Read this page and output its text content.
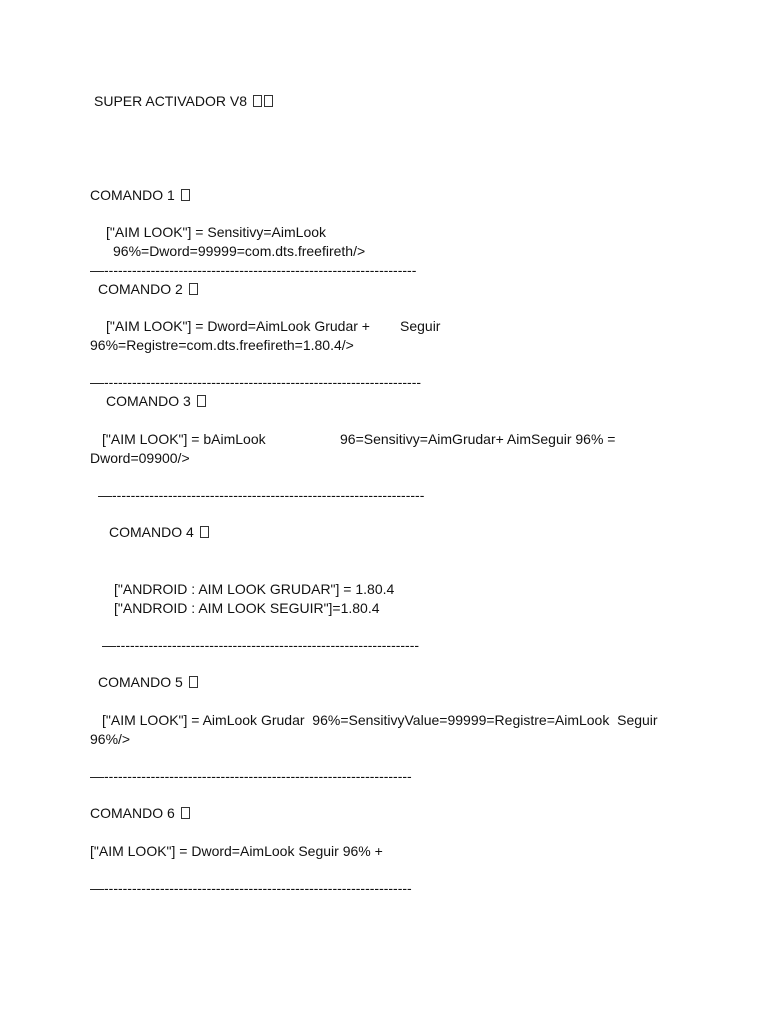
SUPER ACTIVADOR V8
COMANDO 1
["AIM LOOK"] = Sensitivy=AimLook
96%=Dword=99999=com.dts.freefireth/>
—-------------------------------------------------------------------
COMANDO 2
["AIM LOOK"] = Dword=AimLook Grudar + Seguir
96%=Registre=com.dts.freefireth=1.80.4/>
—--------------------------------------------------------------------
COMANDO 3
["AIM LOOK"] = bAimLook	96=Sensitivy=AimGrudar+ AimSeguir 96% =
Dword=09900/>
—-------------------------------------------------------------------
COMANDO 4
["ANDROID : AIM LOOK GRUDAR"] = 1.80.4
["ANDROID : AIM LOOK SEGUIR"]=1.80.4
—-----------------------------------------------------------------
COMANDO 5
["AIM LOOK"] = AimLook Grudar  96%=SensitivyValue=99999=Registre=AimLook  Seguir
96%/>
—------------------------------------------------------------------
COMANDO 6
["AIM LOOK"] = Dword=AimLook Seguir 96% +
—------------------------------------------------------------------
